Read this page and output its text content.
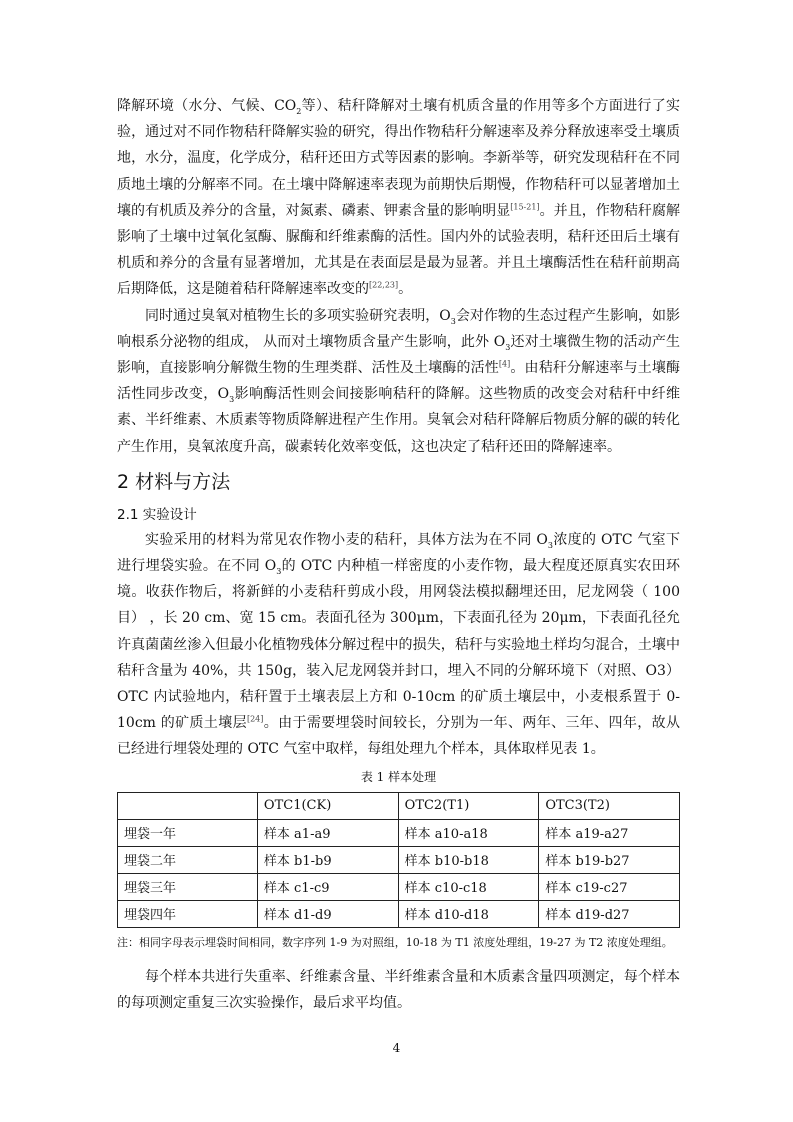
降解环境（水分、气候、$CO_2$等）、秸秆降解对土壤有机质含量的作用等多个方面进行了实验，通过对不同作物秸秆降解实验的研究，得出作物秸秆分解速率及养分释放速率受土壤质地，水分，温度，化学成分，秸秆还田方式等因素的影响。李新举等，研究发现秸秆在不同质地土壤的分解率不同。在土壤中降解速率表现为前期快后期慢，作物秸秆可以显著增加土壤的有机质及养分的含量，对氮素、磷素、钾素含量的影响明显[15-21]。并且，作物秸秆腐解影响了土壤中过氧化氢酶、脲酶和纤维素酶的活性。国内外的试验表明，秸秆还田后土壤有机质和养分的含量有显著增加，尤其是在表面层是最为显著。并且土壤酶活性在秸秆前期高后期降低，这是随着秸秆降解速率改变的[22,23]。

同时通过臭氧对植物生长的多项实验研究表明，$O_3$会对作物的生态过程产生影响，如影响根系分泌物的组成， 从而对土壤物质含量产生影响，此外 $O_3$还对土壤微生物的活动产生影响，直接影响分解微生物的生理类群、活性及土壤酶的活性[4]。由秸秆分解速率与土壤酶活性同步改变，$O_3$影响酶活性则会间接影响秸秆的降解。这些物质的改变会对秸秆中纤维素、半纤维素、木质素等物质降解进程产生作用。臭氧会对秸秆降解后物质分解的碳的转化产生作用，臭氧浓度升高，碳素转化效率变低，这也决定了秸秆还田的降解速率。

2 材料与方法
2.1 实验设计

实验采用的材料为常见农作物小麦的秸秆，具体方法为在不同 $O_3$浓度的 OTC 气室下进行埋袋实验。在不同 $O_3$的 OTC 内种植一样密度的小麦作物，最大程度还原真实农田环境。收获作物后，将新鲜的小麦秸秆剪成小段，用网袋法模拟翻埋还田，尼龙网袋（ 100 目） ，长 20 cm、宽 15 cm。表面孔径为 300μm，下表面孔径为 20μm，下表面孔径允许真菌菌丝渗入但最小化植物残体分解过程中的损失，秸秆与实验地土样均匀混合，土壤中秸秆含量为 40%，共 150g，装入尼龙网袋并封口，埋入不同的分解环境下（对照、O3）OTC 内试验地内，秸秆置于土壤表层上方和 0-10cm 的矿质土壤层中，小麦根系置于 0-10cm 的矿质土壤层[24]。由于需要埋袋时间较长，分别为一年、两年、三年、四年，故从已经进行埋袋处理的 OTC 气室中取样，每组处理九个样本，具体取样见表 1。

表 1 样本处理
	OTC1(CK)	OTC2(T1)	OTC3(T2)
埋袋一年	样本 a1-a9	样本 a10-a18	样本 a19-a27
埋袋二年	样本 b1-b9	样本 b10-b18	样本 b19-b27
埋袋三年	样本 c1-c9	样本 c10-c18	样本 c19-c27
埋袋四年	样本 d1-d9	样本 d10-d18	样本 d19-d27

注：相同字母表示埋袋时间相同，数字序列 1-9 为对照组，10-18 为 T1 浓度处理组，19-27 为 T2 浓度处理组。

每个样本共进行失重率、纤维素含量、半纤维素含量和木质素含量四项测定，每个样本的每项测定重复三次实验操作，最后求平均值。

4
